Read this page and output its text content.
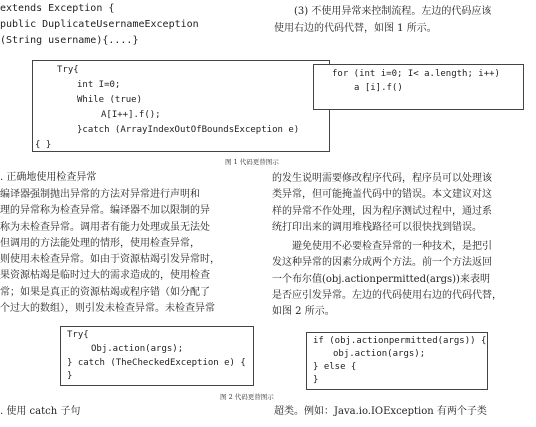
extends Exception {
public DuplicateUsernameException
(String username){....}
(3) 不使用异常来控制流程。左边的代码应该
使用右边的代码代替，如图 1 所示。
Try{
int I=0;
While (true)
A[I++].f();
}catch (ArrayIndexOutOfBoundsException e)
{ }
for (int i=0; I< a.length; i++)
a [i].f()
图 1 代码更替图示
. 正确地使用检查异常
编译器强制抛出异常的方法对异常进行声明和
理的异常称为检查异常。编译器不加以限制的异
称为未检查异常。调用者有能力处理或虽无法处
但调用的方法能处理的情形，使用检查异常，
则使用未检查异常。如由于资源枯竭引发异常时，
果资源枯竭是临时过大的需求造成的，使用检查
常；如果是真正的资源枯竭或程序错（如分配了
个过大的数组），则引发未检查异常。未检查异常
的发生说明需要修改程序代码，程序员可以处理该
类异常，但可能掩盖代码中的错误。本文建议对这
样的异常不作处理，因为程序测试过程中，通过系
统打印出来的调用堆栈路径可以很快找到错误。
避免使用不必要检查异常的一种技术，是把引
发这种异常的因素分成两个方法。前一个方法返回
一个布尔值(obj.actionpermitted(args))来表明
是否应引发异常。左边的代码使用右边的代码代替，
如图 2 所示。
Try{
Obj.action(args);
} catch (TheCheckedException e) {
}
if (obj.actionpermitted(args)) {
obj.action(args);
} else {
}
图 2 代码更替图示
. 使用 catch 子句	超类。例如：Java.io.IOException 有两个子类
